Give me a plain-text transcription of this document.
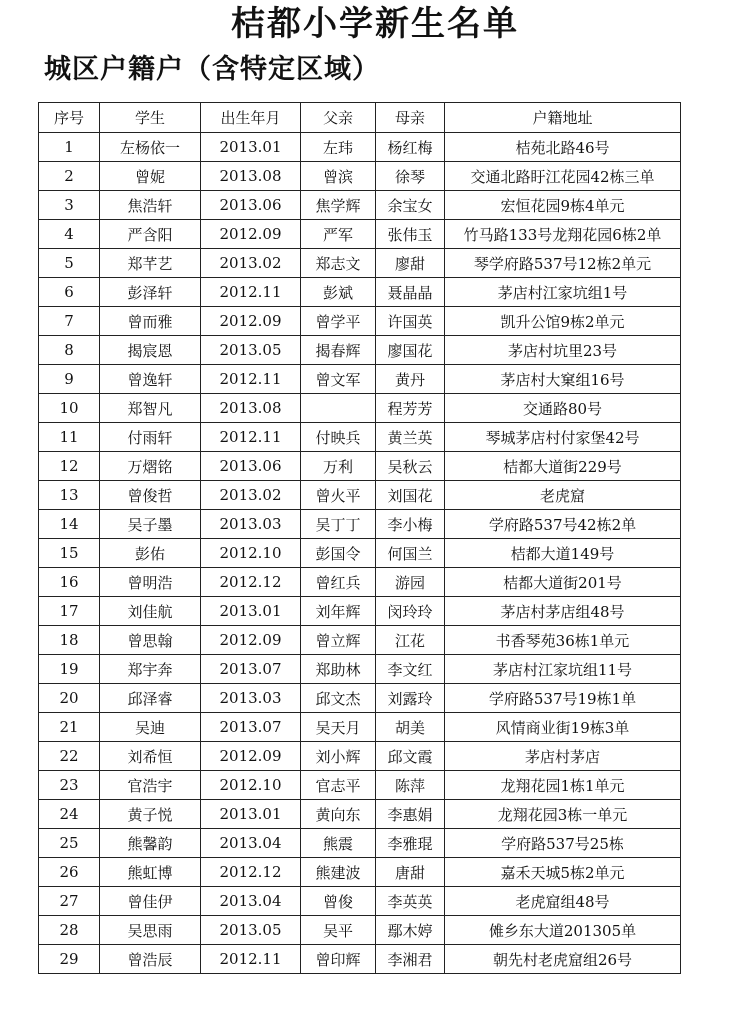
桔都小学新生名单
城区户籍户（含特定区域）
序号	学生	出生年月	父亲	母亲	户籍地址
1	左杨依一	2013.01	左玮	杨红梅	桔苑北路46号
2	曾妮	2013.08	曾滨	徐琴	交通北路盱江花园42栋三单
3	焦浩轩	2013.06	焦学辉	余宝女	宏恒花园9栋4单元
4	严含阳	2012.09	严军	张伟玉	竹马路133号龙翔花园6栋2单
5	郑芊艺	2013.02	郑志文	廖甜	琴学府路537号12栋2单元
6	彭泽轩	2012.11	彭斌	聂晶晶	茅店村江家坑组1号
7	曾而雅	2012.09	曾学平	许国英	凯升公馆9栋2单元
8	揭宸恩	2013.05	揭春辉	廖国花	茅店村坑里23号
9	曾逸轩	2012.11	曾文军	黄丹	茅店村大窠组16号
10	郑智凡	2013.08		程芳芳	交通路80号
11	付雨轩	2012.11	付映兵	黄兰英	琴城茅店村付家堡42号
12	万熠铭	2013.06	万利	吴秋云	桔都大道街229号
13	曾俊哲	2013.02	曾火平	刘国花	老虎窟
14	吴子墨	2013.03	吴丁丁	李小梅	学府路537号42栋2单
15	彭佑	2012.10	彭国令	何国兰	桔都大道149号
16	曾明浩	2012.12	曾红兵	游园	桔都大道街201号
17	刘佳航	2013.01	刘年辉	闵玲玲	茅店村茅店组48号
18	曾思翰	2012.09	曾立辉	江花	书香琴苑36栋1单元
19	郑宇奔	2013.07	郑助林	李文红	茅店村江家坑组11号
20	邱泽睿	2013.03	邱文杰	刘露玲	学府路537号19栋1单
21	吴迪	2013.07	吴天月	胡美	风情商业街19栋3单
22	刘希恒	2012.09	刘小辉	邱文霞	茅店村茅店
23	官浩宇	2012.10	官志平	陈萍	龙翔花园1栋1单元
24	黄子悦	2013.01	黄向东	李惠娟	龙翔花园3栋一单元
25	熊馨韵	2013.04	熊震	李雅琨	学府路537号25栋
26	熊虹博	2012.12	熊建波	唐甜	嘉禾天城5栋2单元
27	曾佳伊	2013.04	曾俊	李英英	老虎窟组48号
28	吴思雨	2013.05	吴平	鄢木婷	傩乡东大道201305单
29	曾浩辰	2012.11	曾印辉	李湘君	朝先村老虎窟组26号
